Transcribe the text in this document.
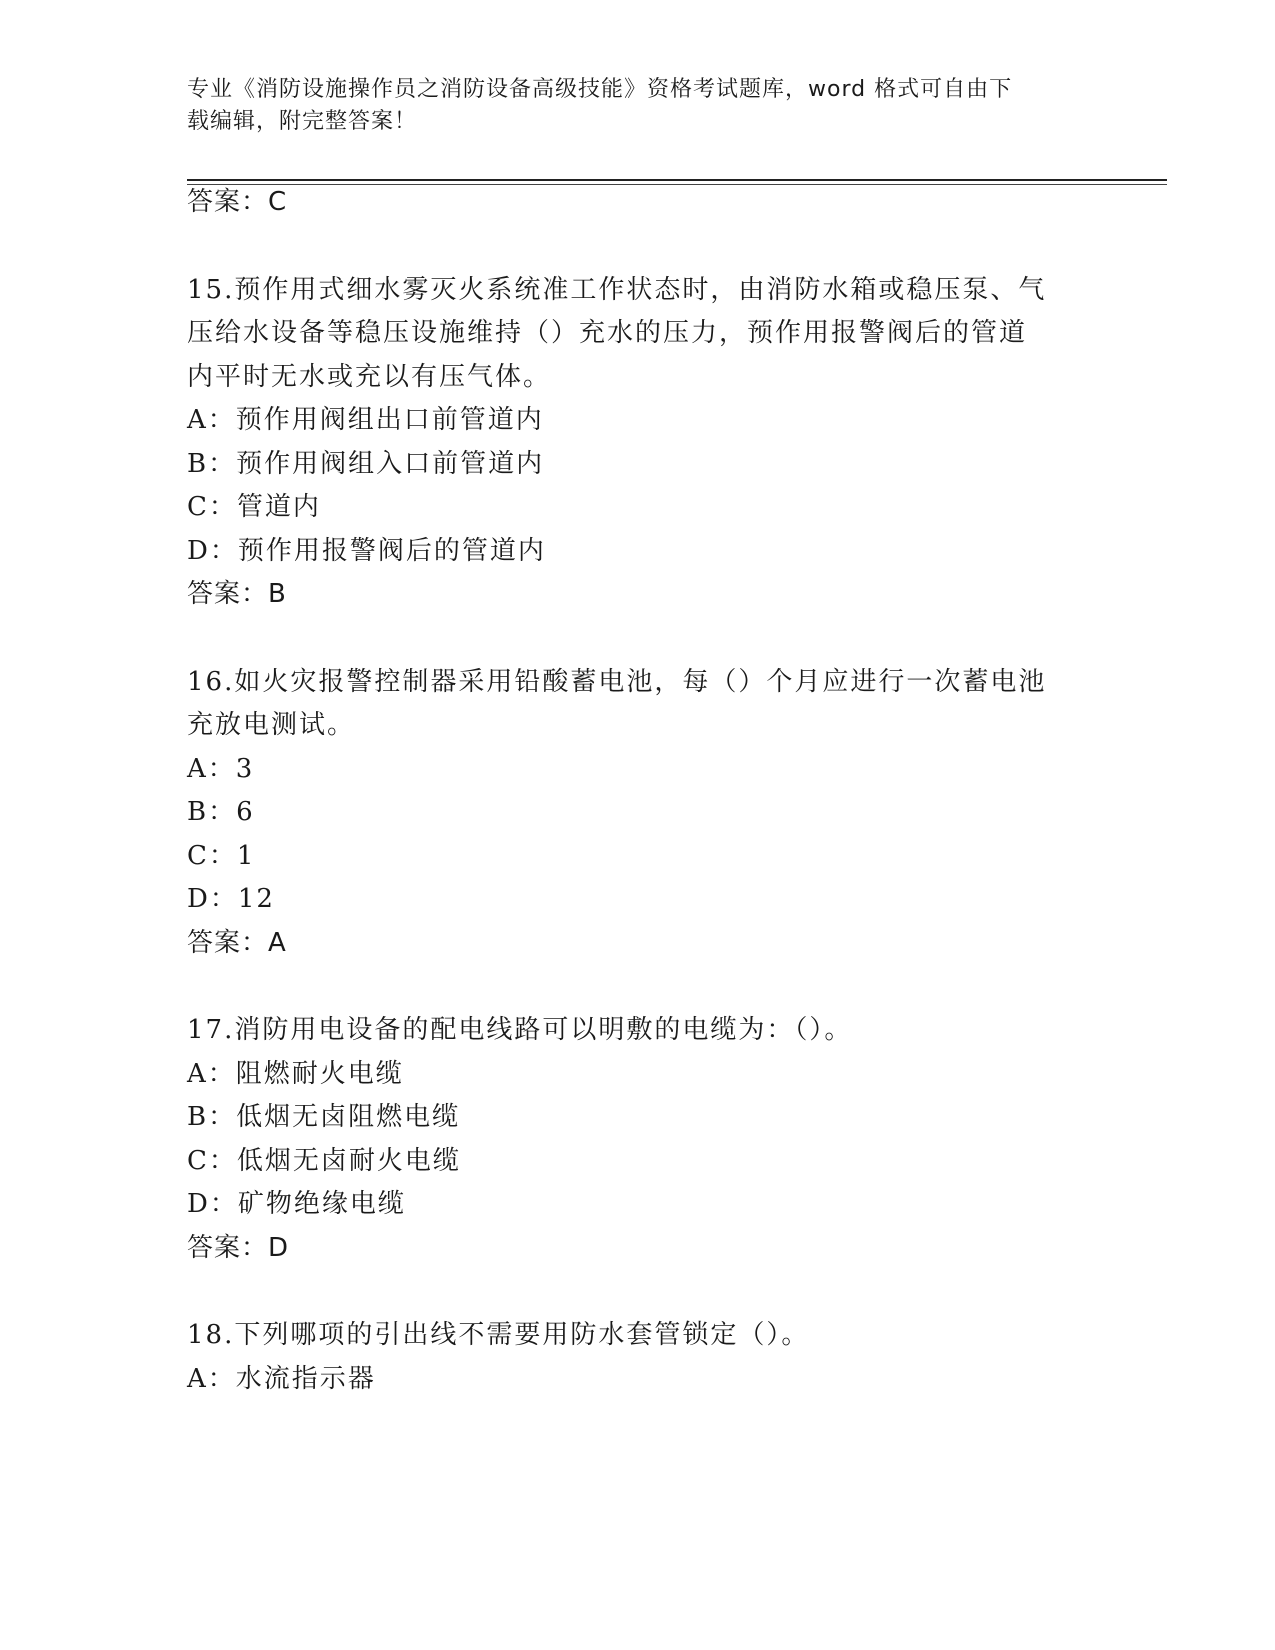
专业《消防设施操作员之消防设备高级技能》资格考试题库，word 格式可自由下
载编辑，附完整答案！
答案：C
15.预作用式细水雾灭火系统准工作状态时，由消防水箱或稳压泵、气
压给水设备等稳压设施维持（）充水的压力，预作用报警阀后的管道
内平时无水或充以有压气体。
A：预作用阀组出口前管道内
B：预作用阀组入口前管道内
C：管道内
D：预作用报警阀后的管道内
答案：B
16.如火灾报警控制器采用铅酸蓄电池，每（）个月应进行一次蓄电池
充放电测试。
A：3
B：6
C：1
D：12
答案：A
17.消防用电设备的配电线路可以明敷的电缆为：（）。
A：阻燃耐火电缆
B：低烟无卤阻燃电缆
C：低烟无卤耐火电缆
D：矿物绝缘电缆
答案：D
18.下列哪项的引出线不需要用防水套管锁定（）。
A：水流指示器
